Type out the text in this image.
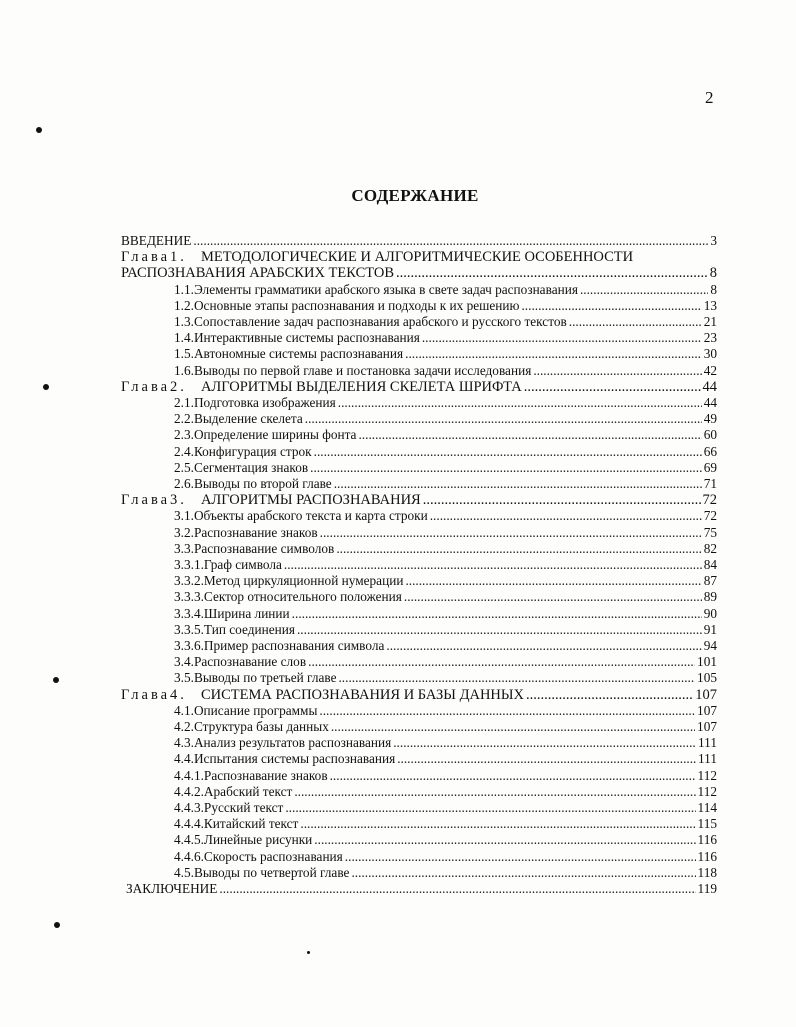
2
СОДЕРЖАНИЕ
ВВЕДЕНИЕ .....	3
Глава1. МЕТОДОЛОГИЧЕСКИЕ И АЛГОРИТМИЧЕСКИЕ ОСОБЕННОСТИ
РАСПОЗНАВАНИЯ АРАБСКИХ ТЕКСТОВ .....	8
1.1. Элементы грамматики арабского языка в свете задач распознавания .....	8
1.2. Основные этапы распознавания и подходы к их решению .....	13
1.3. Сопоставление задач распознавания арабского и русского текстов .....	21
1.4. Интерактивные системы распознавания .....	23
1.5. Автономные системы распознавания .....	30
1.6. Выводы по первой главе и постановка задачи исследования .....	42
Глава2. АЛГОРИТМЫ ВЫДЕЛЕНИЯ СКЕЛЕТА ШРИФТА .....	44
2.1. Подготовка изображения .....	44
2.2. Выделение скелета .....	49
2.3. Определение ширины фонта .....	60
2.4. Конфигурация строк .....	66
2.5. Сегментация знаков .....	69
2.6. Выводы по второй главе .....	71
Глава3. АЛГОРИТМЫ РАСПОЗНАВАНИЯ .....	72
3.1. Объекты арабского текста и карта строки .....	72
3.2. Распознавание знаков .....	75
3.3. Распознавание символов .....	82
3.3.1. Граф символа .....	84
3.3.2. Метод циркуляционной нумерации .....	87
3.3.3. Сектор относительного положения .....	89
3.3.4. Ширина линии .....	90
3.3.5. Тип соединения .....	91
3.3.6. Пример распознавания символа .....	94
3.4. Распознавание слов .....	101
3.5. Выводы по третьей главе .....	105
Глава4. СИСТЕМА РАСПОЗНАВАНИЯ И БАЗЫ ДАННЫХ .....	107
4.1. Описание программы .....	107
4.2. Структура базы данных .....	107
4.3. Анализ результатов распознавания .....	111
4.4. Испытания системы распознавания .....	111
4.4.1. Распознавание знаков .....	112
4.4.2. Арабский текст .....	112
4.4.3. Русский текст .....	114
4.4.4. Китайский текст .....	115
4.4.5. Линейные рисунки .....	116
4.4.6. Скорость распознавания .....	116
4.5. Выводы по четвертой главе .....	118
ЗАКЛЮЧЕНИЕ .....	119
